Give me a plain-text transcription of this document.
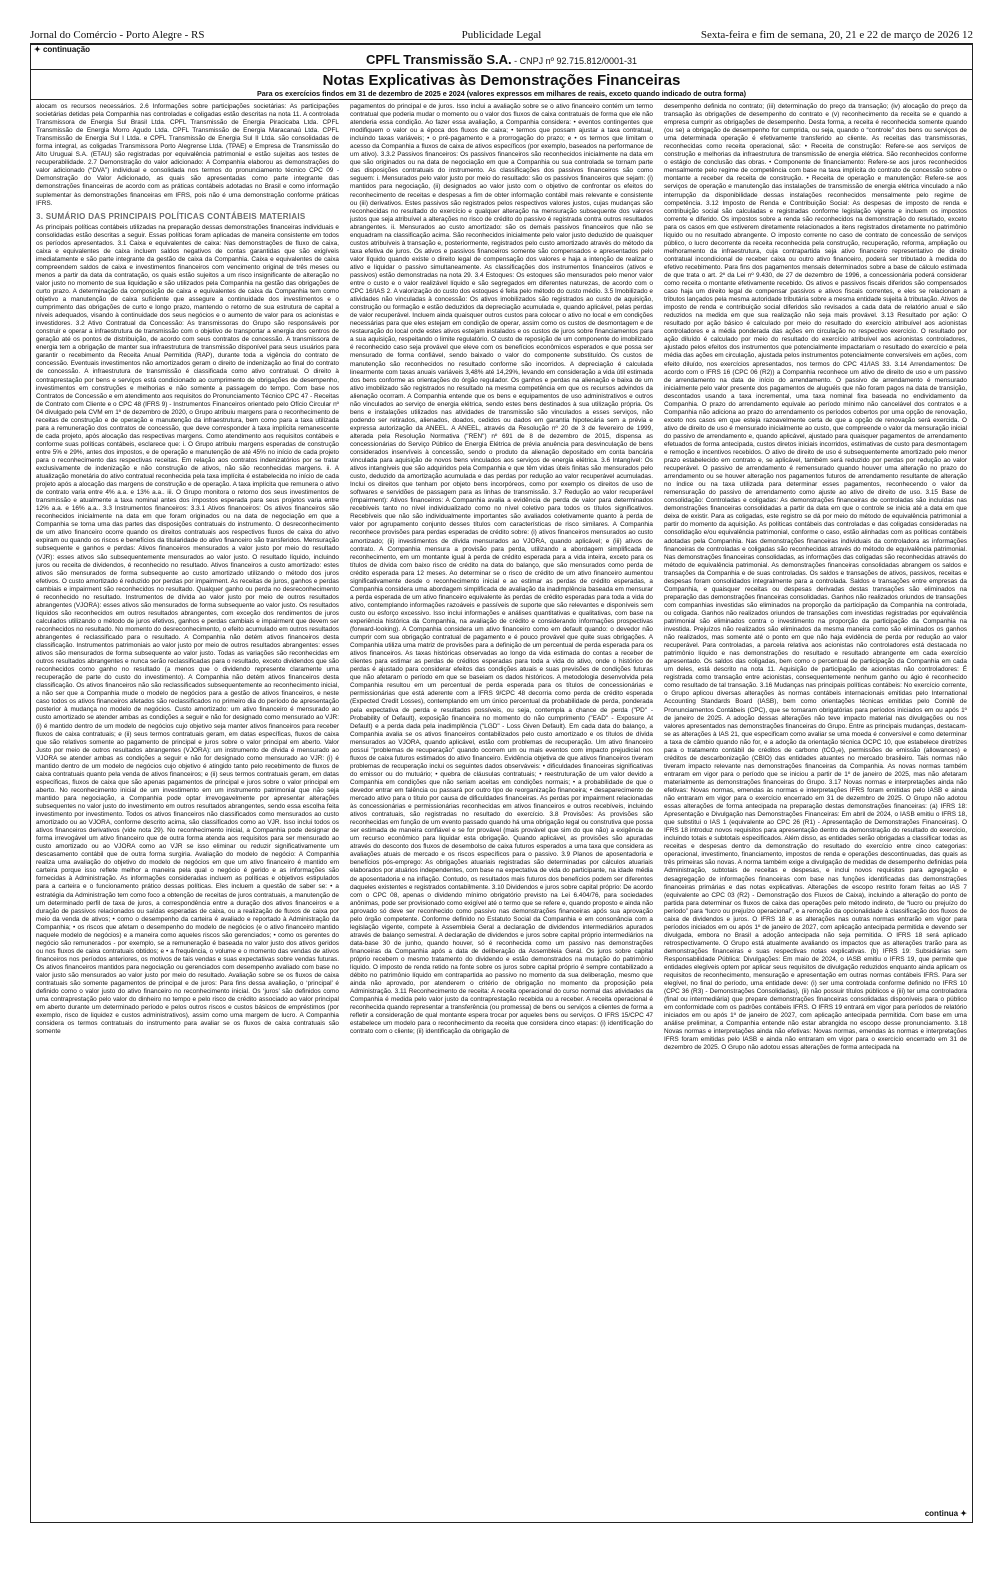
Jornal do Comércio - Porto Alegre - RS	Publicidade Legal	Sexta-feira e fim de semana, 20, 21 e 22 de março de 2026 12
✦ continuação
CPFL Transmissão S.A. - CNPJ nº 92.715.812/0001-31
Notas Explicativas às Demonstrações Financeiras
Para os exercícios findos em 31 de dezembro de 2025 e 2024 (valores expressos em milhares de reais, exceto quando indicado de outra forma)

alocam os recursos necessários. 2.6 Informações sobre participações societárias: As participações societárias detidas pela Companhia nas controladas e coligadas estão descritas na nota 11. A controlada Transmissora de Energia Sul Brasil Ltda. CPFL Transmissão de Energia Piracicaba Ltda. CPFL Transmissão de Energia Morro Agudo Ltda. CPFL Transmissão de Energia Maracanaú Ltda. CPFL Transmissão de Energia Sul I Ltda. e CPFL Transmissão de Energia Sul II Ltda. são consolidadas de forma integral, as coligadas Transmissora Porto Alegrense Ltda. (TPAE) e Empresa de Transmissão do Alto Uruguai S.A. (ETAU) são registradas por equivalência patrimonial e estão sujeitas aos testes de recuperabilidade. 2.7 Demonstração do valor adicionado: A Companhia elaborou as demonstrações do valor adicionado (“DVA”) individual e consolidada nos termos do pronunciamento técnico CPC 09 - Demonstração do Valor Adicionado, as quais são apresentadas como parte integrante das demonstrações financeiras de acordo com as práticas contábeis adotadas no Brasil e como informação suplementar às demonstrações financeiras em IFRS, pois não é uma demonstração conforme práticas IFRS.

3. SUMÁRIO DAS PRINCIPAIS POLÍTICAS CONTÁBEIS MATERIAIS

As principais políticas contábeis utilizadas na preparação dessas demonstrações financeiras individuais e consolidadas estão descritas a seguir. Essas políticas foram aplicadas de maneira consistente em todos os períodos apresentados. 3.1 Caixa e equivalentes de caixa: Nas demonstrações de fluxo de caixa, caixa e equivalentes de caixa incluem saldos negativos de contas garantidas que são exigíveis imediatamente e são parte integrante da gestão de caixa da Companhia. Caixa e equivalentes de caixa compreendem saldos de caixa e investimentos financeiros com vencimento original de três meses ou menos a partir da data da contratação, os quais estão sujeitos a um risco insignificante de alteração no valor justo no momento de sua liquidação e são utilizados pela Companhia na gestão das obrigações de curto prazo. A determinação da composição de caixa e equivalentes de caixa da Companhia tem como objetivo a manutenção de caixa suficiente que assegure a continuidade dos investimentos e o cumprimento das obrigações de curto e longo prazo, mantendo o retorno de sua estrutura de capital a níveis adequados, visando à continuidade dos seus negócios e o aumento de valor para os acionistas e investidores. 3.2 Ativo Contratual da Concessão: As transmissoras do Grupo são responsáveis por construir e operar a infraestrutura de transmissão com o objetivo de transportar a energia dos centros de geração até os pontos de distribuição, de acordo com seus contratos de concessão. A transmissora de energia tem a obrigação de manter sua infraestrutura de transmissão disponível para seus usuários para garantir o recebimento da Receita Anual Permitida (RAP), durante toda a vigência do contrato de concessão. Eventuais investimentos não amortizados geram o direito de indenização ao final do contrato de concessão. A infraestrutura de transmissão é classificada como ativo contratual. O direito à contraprestação por bens e serviços está condicionado ao cumprimento de obrigações de desempenho, investimentos em construções e melhorias e não somente a passagem do tempo. Com base nos Contratos de Concessão e em atendimento aos requisitos do Pronunciamento Técnico CPC 47 - Receitas de Contrato com Cliente e o CPC 48 (IFRS 9) - Instrumentos Financeiros orientado pelo Ofício Circular nº 04 divulgado pela CVM em 1º de dezembro de 2020, o Grupo atribuiu margens para o reconhecimento de receitas de construção e de operação e manutenção da infraestrutura, bem como para a taxa utilizada para a remuneração dos contratos de concessão, que deve corresponder à taxa implícita remanescente de cada projeto, após alocação das respectivas margens. Como atendimento aos requisitos contábeis e conforme suas políticas contábeis, esclarece que: i. O Grupo atribuiu margens esperadas de construção entre 5% e 29%, antes dos impostos, e de operação e manutenção de até 45% no início de cada projeto para o reconhecimento das respectivas receitas. Em relação aos contratos indenizatórios por se tratar exclusivamente de indenização e não construção de ativos, não são reconhecidas margens. ii. A atualização monetária do ativo contratual reconhecida pela taxa implícita é estabelecida no início de cada projeto após a alocação das margens de construção e de operação. A taxa implícita que remunera o ativo de contrato varia entre 4% a.a. e 13% a.a.. iii. O Grupo monitora o retorno dos seus investimentos de transmissão e atualmente a taxa nominal antes dos impostos esperada para seus projetos varia entre 12% a.a. e 16% a.a.. 3.3 Instrumentos financeiros: 3.3.1 Ativos financeiros: Os ativos financeiros são reconhecidos inicialmente na data em que foram originados ou na data de negociação em que a Companhia se torna uma das partes das disposições contratuais do instrumento. O desreconhecimento de um ativo financeiro ocorre quando os direitos contratuais aos respectivos fluxos de caixa do ativo expiram ou quando os riscos e benefícios da titularidade do ativo financeiro são transferidos. Mensuração subsequente e ganhos e perdas: Ativos financeiros mensurados a valor justo por meio do resultado (VJR): esses ativos são subsequentemente mensurados ao valor justo. O resultado líquido, incluindo juros ou receita de dividendos, é reconhecido no resultado. Ativos financeiros a custo amortizado: estes ativos são mensurados de forma subsequente ao custo amortizado utilizando o método dos juros efetivos. O custo amortizado é reduzido por perdas por impairment. As receitas de juros, ganhos e perdas cambiais e impairment são reconhecidos no resultado. Qualquer ganho ou perda no desreconhecimento é reconhecido no resultado. Instrumentos de dívida ao valor justo por meio de outros resultados abrangentes (VJORA): esses ativos são mensurados de forma subsequente ao valor justo. Os resultados líquidos são reconhecidos em outros resultados abrangentes, com exceção dos rendimentos de juros calculados utilizando o método de juros efetivos, ganhos e perdas cambiais e impairment que devem ser reconhecidos no resultado. No momento do desreconhecimento, o efeito acumulado em outros resultados abrangentes é reclassificado para o resultado. A Companhia não detém ativos financeiros desta classificação. Instrumentos patrimoniais ao valor justo por meio de outros resultados abrangentes: esses ativos são mensurados de forma subsequente ao valor justo. Todas as variações são reconhecidas em outros resultados abrangentes e nunca serão reclassificadas para o resultado, exceto dividendos que são reconhecidos como ganho no resultado (a menos que o dividendo represente claramente uma recuperação de parte do custo do investimento). A Companhia não detém ativos financeiros desta classificação. Os ativos financeiros não são reclassificados subsequentemente ao reconhecimento inicial, a não ser que a Companhia mude o modelo de negócios para a gestão de ativos financeiros, e neste caso todos os ativos financeiros afetados são reclassificados no primeiro dia do período de apresentação posterior à mudança no modelo de negócios. Custo amortizado: um ativo financeiro é mensurado ao custo amortizado se atender ambas as condições a seguir e não for designado como mensurado ao VJR: (i) é mantido dentro de um modelo de negócios cujo objetivo seja manter ativos financeiros para receber fluxos de caixa contratuais; e (ii) seus termos contratuais geram, em datas específicas, fluxos de caixa que são relativos somente ao pagamento de principal e juros sobre o valor principal em aberto. Valor Justo por meio de outros resultados abrangentes (VJORA): um instrumento de dívida é mensurado ao VJORA se atender ambas as condições a seguir e não for designado como mensurado ao VJR: (i) é mantido dentro de um modelo de negócios cujo objetivo é atingido tanto pelo recebimento de fluxos de caixa contratuais quanto pela venda de ativos financeiros; e (ii) seus termos contratuais geram, em datas específicas, fluxos de caixa que são apenas pagamentos de principal e juros sobre o valor principal em aberto. No reconhecimento inicial de um investimento em um instrumento patrimonial que não seja mantido para negociação, a Companhia pode optar irrevogavelmente por apresentar alterações subsequentes no valor justo do investimento em outros resultados abrangentes, sendo essa escolha feita investimento por investimento. Todos os ativos financeiros não classificados como mensurados ao custo amortizado ou ao VJORA, conforme descrito acima, são classificados como ao VJR. Isso inclui todos os ativos financeiros derivativos (vide nota 29). No reconhecimento inicial, a Companhia pode designar de forma irrevogável um ativo financeiro que de outra forma atenda aos requisitos para ser mensurado ao custo amortizado ou ao VJORA como ao VJR se isso eliminar ou reduzir significativamente um descasamento contábil que de outra forma surgiria. Avaliação do modelo de negócio: A Companhia realiza uma avaliação do objetivo do modelo de negócios em que um ativo financeiro é mantido em carteira porque isso reflete melhor a maneira pela qual o negócio é gerido e as informações são fornecidas à Administração. As informações consideradas incluem as políticas e objetivos estipulados para a carteira e o funcionamento prático dessas políticas. Eles incluem a questão de saber se: • a estratégia da Administração tem como foco a obtenção de receitas de juros contratuais, a manutenção de um determinado perfil de taxa de juros, a correspondência entre a duração dos ativos financeiros e a duração de passivos relacionados ou saídas esperadas de caixa, ou a realização de fluxos de caixa por meio da venda de ativos; • como o desempenho da carteira é avaliado e reportado à Administração da Companhia; • os riscos que afetam o desempenho do modelo de negócios (e o ativo financeiro mantido naquele modelo de negócios) e a maneira como aqueles riscos são gerenciados; • como os gerentes do negócio são remunerados - por exemplo, se a remuneração é baseada no valor justo dos ativos geridos ou nos fluxos de caixa contratuais obtidos; e • a frequência, o volume e o momento das vendas de ativos financeiros nos períodos anteriores, os motivos de tais vendas e suas expectativas sobre vendas futuras. Os ativos financeiros mantidos para negociação ou gerenciados com desempenho avaliado com base no valor justo são mensurados ao valor justo por meio do resultado. Avaliação sobre se os fluxos de caixa contratuais são somente pagamentos de principal e de juros: Para fins dessa avaliação, o ‘principal’ é definido como o valor justo do ativo financeiro no reconhecimento inicial. Os ‘juros’ são definidos como uma contraprestação pelo valor do dinheiro no tempo e pelo risco de crédito associado ao valor principal em aberto durante um determinado período e pelos outros riscos e custos básicos de empréstimos (por exemplo, risco de liquidez e custos administrativos), assim como uma margem de lucro. A Companhia considera os termos contratuais do instrumento para avaliar se os fluxos de caixa contratuais são somente

pagamentos do principal e de juros. Isso inclui a avaliação sobre se o ativo financeiro contém um termo contratual que poderia mudar o momento ou o valor dos fluxos de caixa contratuais de forma que ele não atenderia essa condição. Ao fazer essa avaliação, a Companhia considera: • eventos contingentes que modifiquem o valor ou a época dos fluxos de caixa; • termos que possam ajustar a taxa contratual, incluindo taxas variáveis; • o pré-pagamento e a prorrogação do prazo; e • os termos que limitam o acesso da Companhia a fluxos de caixa de ativos específicos (por exemplo, baseados na performance de um ativo). 3.3.2 Passivos financeiros: Os passivos financeiros são reconhecidos inicialmente na data em que são originados ou na data de negociação em que a Companhia ou sua controlada se tornam parte das disposições contratuais do instrumento. As classificações dos passivos financeiros são como seguem: i. Mensurados pelo valor justo por meio do resultado: são os passivos financeiros que sejam: (i) mantidos para negociação, (ii) designados ao valor justo com o objetivo de confrontar os efeitos do reconhecimento de receitas e despesas a fim de obter informação contábil mais relevante e consistente ou (iii) derivativos. Estes passivos são registrados pelos respectivos valores justos, cujas mudanças são reconhecidas no resultado do exercício e qualquer alteração na mensuração subsequente dos valores justos que seja atribuível a alterações no risco de crédito do passivo é registrada contra outros resultados abrangentes. ii. Mensurados ao custo amortizado: são os demais passivos financeiros que não se enquadram na classificação acima. São reconhecidos inicialmente pelo valor justo deduzido de quaisquer custos atribuíveis à transação e, posteriormente, registrados pelo custo amortizado através do método da taxa efetiva de juros. Os ativos e passivos financeiros somente são compensados e apresentados pelo valor líquido quando existe o direito legal de compensação dos valores e haja a intenção de realizar o ativo e liquidar o passivo simultaneamente. As classificações dos instrumentos financeiros (ativos e passivos) estão demonstradas na nota 29. 3.4 Estoques: Os estoques são mensurados pelo menor valor entre o custo e o valor realizável líquido e são segregados em diferentes naturezas, de acordo com o CPC 16/IAS 2. A valorização do custo dos estoques é feita pelo método do custo médio. 3.5 Imobilizado e atividades não vinculadas à concessão: Os ativos imobilizados são registrados ao custo de aquisição, construção ou formação e estão deduzidos da depreciação acumulada e, quando aplicável, pelas perdas de valor recuperável. Incluem ainda quaisquer outros custos para colocar o ativo no local e em condições necessárias para que eles estejam em condição de operar, assim como os custos de desmontagem e de restauração do local onde estes ativos estejam instalados e os custos de juros sobre financiamentos para a sua aquisição, respeitando o limite regulatório. O custo de reposição de um componente do imobilizado é reconhecido caso seja provável que eleve com os benefícios econômicos esperados e que possa ser mensurado de forma confiável, sendo baixado o valor do componente substituído. Os custos de manutenção são reconhecidos no resultado conforme são incorridos. A depreciação é calculada linearmente com taxas anuais variáveis 3,48% até 14,29%, levando em consideração a vida útil estimada dos bens conforme as orientações do órgão regulador. Os ganhos e perdas na alienação e baixa de um ativo imobilizado são registrados no resultado na mesma competência em que os recursos advindos da alienação ocorram. A Companhia entende que os bens e equipamentos de uso administrativos e outros não vinculados ao serviço de energia elétrica, sendo estes bens destinados à sua utilização própria. Os bens e instalações utilizados nas atividades de transmissão são vinculados a esses serviços, não podendo ser retirados, alienados, doados, cedidos ou dados em garantia hipotecária sem a prévia e expressa autorização da ANEEL. A ANEEL, através da Resolução nº 20 de 3 de fevereiro de 1999, alterada pela Resolução Normativa ("REN") nº 691 de 8 de dezembro de 2015, dispensa as concessionárias do Serviço Público de Energia Elétrica de prévia anuência para desvinculação de bens considerados inservíveis à concessão, sendo o produto da alienação depositado em conta bancária vinculada para aquisição de novos bens vinculados aos serviços de energia elétrica. 3.6 Intangível: Os ativos intangíveis que são adquiridos pela Companhia e que têm vidas úteis finitas são mensurados pelo custo, deduzido da amortização acumulada e das perdas por redução ao valor recuperável acumuladas. Inclui os direitos que tenham por objeto bens incorpóreos, como por exemplo os direitos de uso de softwares e servidões de passagem para as linhas de transmissão. 3.7 Redução ao valor recuperável (impairment): Ativos financeiros: A Companhia avalia a evidência de perda de valor para determinados recebíveis tanto no nível individualizado como no nível coletivo para todos os títulos significativos. Recebíveis que não são individualmente importantes são avaliados coletivamente quanto à perda de valor por agrupamento conjunto desses títulos com características de risco similares. A Companhia reconhece provisões para perdas esperadas de crédito sobre: (i) ativos financeiros mensurados ao custo amortizado; (ii) investimentos de dívida mensurados ao VJORA, quando aplicável; e (iii) ativos de contrato. A Companhia mensura a provisão para perda, utilizando a abordagem simplificada de reconhecimento, em um montante igual à perda de crédito esperada para a vida inteira, exceto para os títulos de dívida com baixo risco de crédito na data do balanço, que são mensurados como perda de crédito esperada para 12 meses. Ao determinar se o risco de crédito de um ativo financeiro aumentou significativamente desde o reconhecimento inicial e ao estimar as perdas de crédito esperadas, a Companhia considera uma abordagem simplificada de avaliação da inadimplência baseada em mensurar a perda esperada de um ativo financeiro equivalente às perdas de crédito esperadas para toda a vida do ativo, contemplando informações razoáveis e passíveis de suporte que são relevantes e disponíveis sem custo ou esforço excessivo. Isso inclui informações e análises quantitativas e qualitativas, com base na experiência histórica da Companhia, na avaliação de crédito e considerando informações prospectivas (forward-looking). A Companhia considera um ativo financeiro como em default quando: o devedor não cumprir com sua obrigação contratual de pagamento e é pouco provável que quite suas obrigações. A Companhia utiliza uma matriz de provisões para a definição de um percentual de perda esperada para os ativos financeiros. As taxas históricas observadas ao longo da vida estimada do contas a receber de clientes para estimar as perdas de créditos esperadas para toda a vida do ativo, onde o histórico de perdas é ajustado para considerar efeitos das condições atuais e suas previsões de condições futuras que não afetaram o período em que se baseiam os dados históricos. A metodologia desenvolvida pela Companhia resultou em um percentual de perda esperada para os títulos de concessionárias e permissionárias que está aderente com a IFRS 9/CPC 48 decorria como perda de crédito esperada (Expected Credit Losses), contemplando em um único percentual da probabilidade de perda, ponderada pela expectativa de perda e resultados possíveis, ou seja, contempla a chance de perda ("PD" - Probability of Default), exposição financeira no momento do não cumprimento ("EAD" - Exposure At Default) e a perda dada pela inadimplência ("LGD" - Loss Given Default). Em cada data do balanço, a Companhia avalia se os ativos financeiros contabilizados pelo custo amortizado e os títulos de dívida mensurados ao VJORA, quando aplicável, estão com problemas de recuperação. Um ativo financeiro possui "problemas de recuperação" quando ocorrem um ou mais eventos com impacto prejudicial nos fluxos de caixa futuros estimados do ativo financeiro. Evidência objetiva de que ativos financeiros tiveram problemas de recuperação inclui os seguintes dados observáveis: • dificuldades financeiras significativas do emissor ou do mutuário; • quebra de cláusulas contratuais; • reestruturação de um valor devido a Companhia em condições que não seriam aceitas em condições normais; • a probabilidade de que o devedor entrar em falência ou passará por outro tipo de reorganização financeira; • desaparecimento de mercado ativo para o título por causa de dificuldades financeiras. As perdas por impairment relacionadas às concessionárias e permissionárias reconhecidas em ativos financeiros e outros recebíveis, incluindo ativos contratuais, são registradas no resultado do exercício. 3.8 Provisões: As provisões são reconhecidas em função de um evento passado quando há uma obrigação legal ou construtiva que possa ser estimada de maneira confiável e se for provável (mais provável que sim do que não) a exigência de um recurso econômico para liquidar esta obrigação. Quando aplicável, as provisões são apuradas através do desconto dos fluxos de desembolso de caixa futuros esperados a uma taxa que considera as avaliações atuais de mercado e os riscos específicos para o passivo. 3.9 Planos de aposentadoria e benefícios pós-emprego: As obrigações atuariais registradas são determinadas por cálculos atuariais elaborados por atuários independentes, com base na expectativa de vida do participante, na idade média de aposentadoria e na inflação. Contudo, os resultados mais futuros dos benefícios podem ser diferentes daqueles existentes e registrados contabilmente. 3.10 Dividendos e juros sobre capital próprio: De acordo com o CPC 08, apenas o dividendo mínimo obrigatório previsto na Lei 6.404/76, para sociedades anônimas, pode ser provisionado como exigível até o termo que se refere e, quando proposto e ainda não aprovado só deve ser reconhecido como passivo nas demonstrações financeiras após sua aprovação pelo órgão competente. Conforme definido no Estatuto Social da Companhia e em consonância com a legislação vigente, compete à Assembleia Geral a declaração de dividendos intermediários apurados através de balanço semestral. A declaração de dividendos e juros sobre capital próprio intermediários na data-base 30 de junho, quando houver, só é reconhecida como um passivo nas demonstrações financeiras da Companhia após a data de deliberação da Assembleia Geral. Os juros sobre capital próprio recebem o mesmo tratamento do dividendo e estão demonstrados na mutação do patrimônio líquido. O imposto de renda retido na fonte sobre os juros sobre capital próprio é sempre contabilizado a débito no patrimônio líquido em contrapartida ao passivo no momento da sua deliberação, mesmo que ainda não aprovado, por atenderem o critério de obrigação no momento da proposição pela Administração. 3.11 Reconhecimento de receita: A receita operacional do curso normal das atividades da Companhia é medida pelo valor justo da contraprestação recebida ou a receber. A receita operacional é reconhecida quando representar a transferência (ou promessa) de bens ou serviços a clientes de forma a refletir a consideração de qual montante espera trocar por aqueles bens ou serviços. O IFRS 15/CPC 47 estabelece um modelo para o reconhecimento da receita que considera cinco etapas: (i) identificação do contrato com o cliente; (ii) identificação da obrigação de

desempenho definida no contrato; (iii) determinação do preço da transação; (iv) alocação do preço da transação às obrigações de desempenho do contrato e (v) reconhecimento da receita se e quando a empresa cumprir as obrigações de desempenho. Desta forma, a receita é reconhecida somente quando (ou se) a obrigação de desempenho for cumprida, ou seja, quando o “controle” dos bens ou serviços de uma determinada operação é efetivamente transferido ao cliente. As receitas das transmissoras, reconhecidas como receita operacional, são: • Receita de construção: Refere-se aos serviços de construção e melhorias da infraestrutura de transmissão de energia elétrica. São reconhecidos conforme o estágio de conclusão das obras. • Componente de financiamento: Refere-se aos juros reconhecidos mensalmente pelo regime de competência com base na taxa implícita do contrato de concessão sobre o montante a receber da receita de construção. • Receita de operação e manutenção: Refere-se aos serviços de operação e manutenção das instalações de transmissão de energia elétrica vinculado a não interrupção da disponibilidade dessas instalações reconhecidos mensalmente pelo regime de competência. 3.12 Imposto de Renda e Contribuição Social: As despesas de imposto de renda e contribuição social são calculadas e registradas conforme legislação vigente e incluem os impostos corrente e diferido. Os impostos sobre a renda são reconhecidos na demonstração do resultado, exceto para os casos em que estiverem diretamente relacionados a itens registrados diretamente no patrimônio líquido ou no resultado abrangente. O imposto corrente no caso de contrato de concessão de serviços público, o lucro decorrente da receita reconhecida pela construção, recuperação, reforma, ampliação ou melhoramento da infraestrutura, cuja contrapartida seja ativo financeiro representativo de direito contratual incondicional de receber caixa ou outro ativo financeiro, poderá ser tributado à medida do efetivo recebimento. Para fins dos pagamentos mensais determinados sobre a base de cálculo estimada de que trata o art. 2º da Lei nº 9.430, de 27 de dezembro de 1996, a concessionária poderá considerar como receita o montante efetivamente recebido. Os ativos e passivos fiscais diferidos são compensados caso haja um direito legal de compensar passivos e ativos fiscais correntes, e eles se relacionam a tributos lançados pela mesma autoridade tributária sobre a mesma entidade sujeita à tributação. Ativos de imposto de renda e contribuição social diferidos são revisados a cada data de relatório anual e são reduzidos na medida em que sua realização não seja mais provável. 3.13 Resultado por ação: O resultado por ação básico é calculado por meio do resultado do exercício atribuível aos acionistas controladores e a média ponderada das ações em circulação no respectivo exercício. O resultado por ação diluído é calculado por meio do resultado do exercício atribuível aos acionistas controladores, ajustado pelos efeitos dos instrumentos que potencialmente impactariam o resultado do exercício e pela média das ações em circulação, ajustada pelos instrumentos potencialmente conversíveis em ações, com efeito diluído, nos exercícios apresentados, nos termos do CPC 41/IAS 33. 3.14 Arrendamentos: De acordo com o IFRS 16 (CPC 06 (R2)) a Companhia reconhece um ativo de direito de uso e um passivo de arrendamento na data de início do arrendamento. O passivo de arrendamento é mensurado inicialmente pelo valor presente dos pagamentos de aluguéis que não foram pagos na data de transição, descontados usando a taxa incremental, uma taxa nominal fixa baseada no endividamento da Companhia. O prazo do arrendamento equivale ao período mínimo não cancelável dos contratos e a Companhia não adiciona ao prazo do arrendamento os períodos cobertos por uma opção de renovação, exceto nos casos em que esteja razoavelmente certa de que a opção de renovação será exercida. O ativo de direito de uso é mensurado inicialmente ao custo, que compreende o valor da mensuração inicial do passivo de arrendamento e, quando aplicável, ajustado para quaisquer pagamentos de arrendamento efetuados de forma antecipada, custos diretos iniciais incorridos, estimativas de custo para desmontagem e remoção e incentivos recebidos. O ativo de direito de uso é subsequentemente amortizado pelo menor prazo estabelecido em contrato e, se aplicável, também será reduzido por perdas por redução ao valor recuperável. O passivo de arrendamento é remensurado quando houver uma alteração no prazo do arrendamento ou se houver alteração nos pagamentos futuros de arrendamento resultante de alteração no índice ou na taxa utilizada para determinar esses pagamentos, reconhecendo o valor da remensuração do passivo de arrendamento como ajuste ao ativo de direito de uso. 3.15 Base de consolidação: Controladas e coligadas: As demonstrações financeiras de controladas são incluídas nas demonstrações financeiras consolidadas a partir da data em que o controle se inicia até a data em que deixa de existir. Para as coligadas, este registro se dá por meio do método de equivalência patrimonial a partir do momento da aquisição. As políticas contábeis das controladas e das coligadas consideradas na consolidação e/ou equivalência patrimonial, conforme o caso, estão alinhadas com as políticas contábeis adotadas pela Companhia. Nas demonstrações financeiras individuais da controladora as informações financeiras de controladas e coligadas são reconhecidas através do método de equivalência patrimonial. Nas demonstrações financeiras consolidadas, as informações das coligadas são reconhecidas através do método de equivalência patrimonial. As demonstrações financeiras consolidadas abrangem os saldos e transações da Companhia e de suas controladas. Os saldos e transações de ativos, passivos, receitas e despesas foram consolidados integralmente para a controlada. Saldos e transações entre empresas da Companhia, e quaisquer receitas ou despesas derivadas destas transações são eliminados na preparação das demonstrações financeiras consolidadas. Ganhos não realizados oriundos de transações com companhias investidas são eliminados na proporção da participação da Companhia na controlada, ou coligada. Ganhos não realizados oriundos de transações com investidas registradas por equivalência patrimonial são eliminados contra o investimento na proporção da participação da Companhia na investida. Prejuízos não realizados são eliminados da mesma maneira como são eliminados os ganhos não realizados, mas somente até o ponto em que não haja evidência de perda por redução ao valor recuperável. Para controladas, a parcela relativa aos acionistas não controladores está destacada no patrimônio líquido e nas demonstrações do resultado e resultado abrangente em cada exercício apresentado. Os saldos das coligadas, bem como o percentual de participação da Companhia em cada um deles, está descrito na nota 11. Aquisição de participação de acionistas não controladores: É registrada como transação entre acionistas, consequentemente nenhum ganho ou ágio é reconhecido como resultado de tal transação. 3.16 Mudanças nas principais políticas contábeis: No exercício corrente, o Grupo aplicou diversas alterações às normas contábeis internacionais emitidas pelo International Accounting Standards Board (IASB), bem como orientações técnicas emitidas pelo Comitê de Pronunciamentos Contábeis (CPC), que se tornaram obrigatórias para períodos iniciados em ou após 1º de janeiro de 2025. A adoção dessas alterações não teve impacto material nas divulgações ou nos valores apresentados nas demonstrações financeiras do Grupo. Entre as principais mudanças, destacam-se as alterações à IAS 21, que especificam como avaliar se uma moeda é conversível e como determinar a taxa de câmbio quando não for, e a adoção da orientação técnica OCPC 10, que estabelece diretrizes para o tratamento contábil de créditos de carbono (tCO₂e), permissões de emissão (allowances) e créditos de descarbonização (CBIO) das entidades atuantes no mercado brasileiro. Tais normas não tiveram impacto relevante nas demonstrações financeiras da Companhia. As novas normas também entraram em vigor para o período que se iniciou a partir de 1º de janeiro de 2025, mas não afetaram materialmente as demonstrações financeiras do Grupo. 3.17 Novas normas e interpretações ainda não efetivas: Novas normas, emendas às normas e interpretações IFRS foram emitidas pelo IASB e ainda não entraram em vigor para o exercício encerrado em 31 de dezembro de 2025. O Grupo não adotou essas alterações de forma antecipada na preparação destas demonstrações financeiras: (a) IFRS 18: Apresentação e Divulgação nas Demonstrações Financeiras: Em abril de 2024, o IASB emitiu o IFRS 18, que substitui o IAS 1 (equivalente ao CPC 26 (R1) - Apresentação de Demonstrações Financeiras). O IFRS 18 introduz novos requisitos para apresentação dentro da demonstração do resultado do exercício, incluindo totais e subtotais especificados. Além disso, as entidades serão obrigadas a classificar todas as receitas e despesas dentro da demonstração do resultado do exercício entre cinco categorias: operacional, investimento, financiamento, impostos de renda e operações descontinuadas, das quais as três primeiras são novas. A norma também exige a divulgação de medidas de desempenho definidas pela Administração, subtotais de receitas e despesas, e inclui novos requisitos para agregação e desagregação de informações financeiras com base nas funções identificadas das demonstrações financeiras primárias e das notas explicativas. Alterações de escopo restrito foram feitas ao IAS 7 (equivalente ao CPC 03 (R2) - Demonstração dos Fluxos de Caixa), incluindo a alteração do ponto de partida para determinar os fluxos de caixa das operações pelo método indireto, de “lucro ou prejuízo do período” para “lucro ou prejuízo operacional”, e a remoção da opcionalidade à classificação dos fluxos de caixa de dividendos e juros. O IFRS 18 e as alterações nas outras normas entrarão em vigor para períodos iniciados em ou após 1º de janeiro de 2027, com aplicação antecipada permitida e devendo ser divulgada, embora no Brasil a adoção antecipada não seja permitida. O IFRS 18 será aplicado retrospectivamente. O Grupo está atualmente avaliando os impactos que as alterações trarão para as demonstrações financeiras e suas respectivas notas explicativas. (b) IFRS 19: Subsidiárias sem Responsabilidade Pública: Divulgações: Em maio de 2024, o IASB emitiu o IFRS 19, que permite que entidades elegíveis optem por aplicar seus requisitos de divulgação reduzidos enquanto ainda aplicam os requisitos de reconhecimento, mensuração e apresentação em outras normas contábeis IFRS. Para ser elegível, no final do período, uma entidade deve: (i) ser uma controlada conforme definido no IFRS 10 (CPC 36 (R3) - Demonstrações Consolidadas), (ii) não possuir títulos públicos e (iii) ter uma controladora (final ou intermediária) que prepare demonstrações financeiras consolidadas disponíveis para o público em conformidade com os padrões contábeis IFRS. O IFRS 19 entrará em vigor para períodos de relatório iniciados em ou após 1º de janeiro de 2027, com aplicação antecipada permitida. Com base em uma análise preliminar, a Companhia entende não estar abrangida no escopo desse pronunciamento. 3.18 Novas normas e interpretações ainda não efetivas: Novas normas, emendas às normas e interpretações IFRS foram emitidas pelo IASB e ainda não entraram em vigor para o exercício encerrado em 31 de dezembro de 2025. O Grupo não adotou essas alterações de forma antecipada na

continua ✦
